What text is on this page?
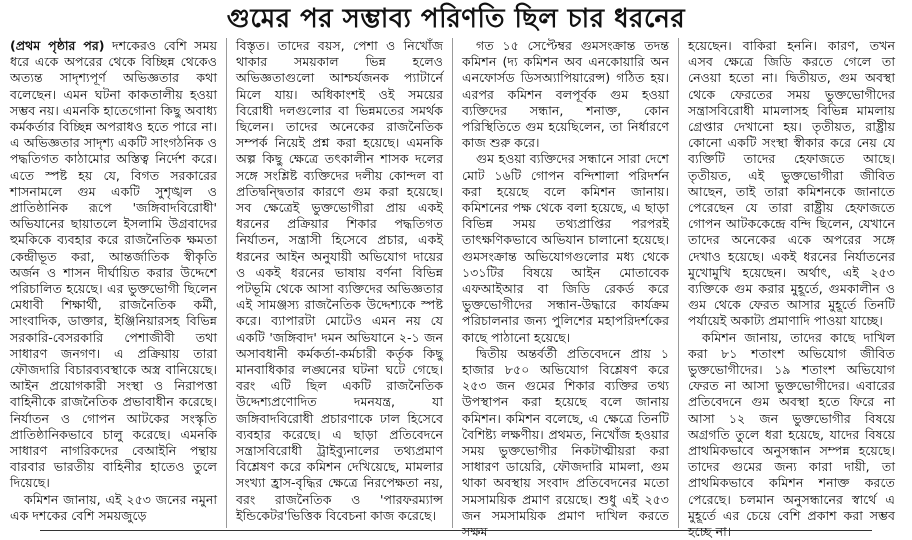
গুমের পর সম্ভাব্য পরিণতি ছিল চার ধরনের

(প্রথম পৃষ্ঠার পর) দশকেরও বেশি সময় ধরে একে অপরের থেকে বিচ্ছিন্ন থেকেও অত্যন্ত সাদৃশ্যপূর্ণ অভিজ্ঞতার কথা বলেছেন। এমন ঘটনা কাকতালীয় হওয়া সম্ভব নয়। এমনকি হাতেগোনা কিছু অবাধ্য কর্মকর্তার বিচ্ছিন্ন অপরাধও হতে পারে না। এ অভিজ্ঞতার সাদৃশ্য একটি সাংগঠনিক ও পদ্ধতিগত কাঠামোর অস্তিত্ব নির্দেশ করে। এতে স্পষ্ট হয় যে, বিগত সরকারের শাসনামলে গুম একটি সুশৃঙ্খল ও প্রাতিষ্ঠানিক রূপে 'জঙ্গিবাদবিরোধী' অভিযানের ছায়াতলে ইসলামি উগ্রবাদের হুমকিকে ব্যবহার করে রাজনৈতিক ক্ষমতা কেন্দ্রীভূত করা, আন্তর্জাতিক স্বীকৃতি অর্জন ও শাসন দীর্ঘায়িত করার উদ্দেশে পরিচালিত হয়েছে। এর ভুক্তভোগী ছিলেন মেধাবী শিক্ষার্থী, রাজনৈতিক কর্মী, সাংবাদিক, ডাক্তার, ইঞ্জিনিয়ারসহ বিভিন্ন সরকারি-বেসরকারি পেশাজীবী তথা সাধারণ জনগণ। এ প্রক্রিয়ায় তারা ফৌজদারি বিচারব্যবস্থাকে অস্ত্র বানিয়েছে। আইন প্রয়োগকারী সংস্থা ও নিরাপত্তা বাহিনীকে রাজনৈতিক প্রভাবাধীন করেছে। নির্যাতন ও গোপন আটকের সংস্কৃতি প্রাতিষ্ঠানিকভাবে চালু করেছে। এমনকি সাধারণ নাগরিকদের বেআইনি পন্থায় বারবার ভারতীয় বাহিনীর হাতেও তুলে দিয়েছে।

কমিশন জানায়, এই ২৫৩ জনের নমুনা এক দশকের বেশি সময়জুড়ে

বিস্তৃত। তাদের বয়স, পেশা ও নিখোঁজ থাকার সময়কাল ভিন্ন হলেও অভিজ্ঞতাগুলো আশ্চর্যজনক প্যাটার্নে মিলে যায়। অধিকাংশই ওই সময়ের বিরোধী দলগুলোর বা ভিন্নমতের সমর্থক ছিলেন। তাদের অনেকের রাজনৈতিক সম্পর্ক নিয়েই প্রশ্ন করা হয়েছে। এমনকি অল্প কিছু ক্ষেত্রে তৎকালীন শাসক দলের সঙ্গে সংশ্লিষ্ট ব্যক্তিদের দলীয় কোন্দল বা প্রতিদ্বন্দ্বিতার কারণে গুম করা হয়েছে। সব ক্ষেত্রেই ভুক্তভোগীরা প্রায় একই ধরনের প্রক্রিয়ার শিকার পদ্ধতিগত নির্যাতন, সন্ত্রাসী হিসেবে প্রচার, একই ধরনের আইন অনুযায়ী অভিযোগ দায়ের ও একই ধরনের ভাষায় বর্ণনা বিভিন্ন পটভূমি থেকে আসা ব্যক্তিদের অভিজ্ঞতার এই সামঞ্জস্য রাজনৈতিক উদ্দেশ্যকে স্পষ্ট করে। ব্যাপারটা মোটেও এমন নয় যে একটি 'জঙ্গিবাদ' দমন অভিযানে ২-১ জন অসাবধানী কর্মকর্তা-কর্মচারী কর্তৃক কিছু মানবাধিকার লঙ্ঘনের ঘটনা ঘটে গেছে। বরং এটি ছিল একটি রাজনৈতিক উদ্দেশ্যপ্রণোদিত দমনযন্ত্র, যা জঙ্গিবাদবিরোধী প্রচারণাকে ঢাল হিসেবে ব্যবহার করেছে। এ ছাড়া প্রতিবেদনে সন্ত্রাসবিরোধী ট্রাইব্যুনালের তথ্যপ্রমাণ বিশ্লেষণ করে কমিশন দেখিয়েছে, মামলার সংখ্যা হ্রাস-বৃদ্ধির ক্ষেত্রে নিরপেক্ষতা নয়, বরং রাজনৈতিক ও 'পারফরম্যান্স ইন্ডিকেটর'ভিত্তিক বিবেচনা কাজ করেছে।

গত ১৫ সেপ্টেম্বর গুমসংক্রান্ত তদন্ত কমিশন (দ্য কমিশন অব এনকোয়ারি অন এনফোর্সড ডিসঅ্যাপিয়ারেন্স) গঠিত হয়। এরপর কমিশন বলপূর্বক গুম হওয়া ব্যক্তিদের সন্ধান, শনাক্ত, কোন পরিস্থিতিতে গুম হয়েছিলেন, তা নির্ধারণে কাজ শুরু করে।

গুম হওয়া ব্যক্তিদের সন্ধানে সারা দেশে মোট ১৬টি গোপন বন্দিশালা পরিদর্শন করা হয়েছে বলে কমিশন জানায়। কমিশনের পক্ষ থেকে বলা হয়েছে, এ ছাড়া বিভিন্ন সময় তথ্যপ্রাপ্তির পরপরই তাৎক্ষণিকভাবে অভিযান চালানো হয়েছে। গুমসংক্রান্ত অভিযোগগুলোর মধ্য থেকে ১৩১টির বিষয়ে আইন মোতাবেক এফআইআর বা জিডি রেকর্ড করে ভুক্তভোগীদের সন্ধান-উদ্ধারে কার্যক্রম পরিচালনার জন্য পুলিশের মহাপরিদর্শকের কাছে পাঠানো হয়েছে।

দ্বিতীয় অন্তর্বর্তী প্রতিবেদনে প্রায় ১ হাজার ৮৫০ অভিযোগ বিশ্লেষণ করে ২৫৩ জন গুমের শিকার ব্যক্তির তথ্য উপস্থাপন করা হয়েছে বলে জানায় কমিশন। কমিশন বলেছে, এ ক্ষেত্রে তিনটি বৈশিষ্ট্য লক্ষণীয়। প্রথমত, নিখোঁজ হওয়ার সময় ভুক্তভোগীর নিকটাত্মীয়রা করা সাধারণ ডায়েরি, ফৌজদারি মামলা, গুম থাকা অবস্থায় সংবাদ প্রতিবেদনের মতো সমসাময়িক প্রমাণ রয়েছে। শুধু এই ২৫৩ জন সমসাময়িক প্রমাণ দাখিল করতে সক্ষম

হয়েছেন। বাকিরা হননি। কারণ, তখন এসব ক্ষেত্রে জিডি করতে গেলে তা নেওয়া হতো না। দ্বিতীয়ত, গুম অবস্থা থেকে ফেরতের সময় ভুক্তভোগীদের সন্ত্রাসবিরোধী মামলাসহ বিভিন্ন মামলায় গ্রেপ্তার দেখানো হয়। তৃতীয়ত, রাষ্ট্রীয় কোনো একটি সংস্থা স্বীকার করে নেয় যে ব্যক্তিটি তাদের হেফাজতে আছে। তৃতীয়ত, এই ভুক্তভোগীরা জীবিত আছেন, তাই তারা কমিশনকে জানাতে পেরেছেন যে তারা রাষ্ট্রীয় হেফাজতে গোপন আটককেন্দ্রে বন্দি ছিলেন, যেখানে তাদের অনেকের একে অপরের সঙ্গে দেখাও হয়েছে। একই ধরনের নির্যাতনের মুখোমুখি হয়েছেন। অর্থাৎ, এই ২৫৩ ব্যক্তিকে গুম করার মুহূর্তে, গুমকালীন ও গুম থেকে ফেরত আসার মুহূর্তে তিনটি পর্যায়েই অকাট্য প্রমাণাদি পাওয়া যাচ্ছে।

কমিশন জানায়, তাদের কাছে দাখিল করা ৮১ শতাংশ অভিযোগ জীবিত ভুক্তভোগীদের। ১৯ শতাংশ অভিযোগ ফেরত না আসা ভুক্তভোগীদের। এবারের প্রতিবেদনে গুম অবস্থা হতে ফিরে না আসা ১২ জন ভুক্তভোগীর বিষয়ে অগ্রগতি তুলে ধরা হয়েছে, যাদের বিষয়ে প্রাথমিকভাবে অনুসন্ধান সম্পন্ন হয়েছে। তাদের গুমের জন্য কারা দায়ী, তা প্রাথমিকভাবে কমিশন শনাক্ত করতে পেরেছে। চলমান অনুসন্ধানের স্বার্থে এ মুহূর্তে এর চেয়ে বেশি প্রকাশ করা সম্ভব হচ্ছে না।
